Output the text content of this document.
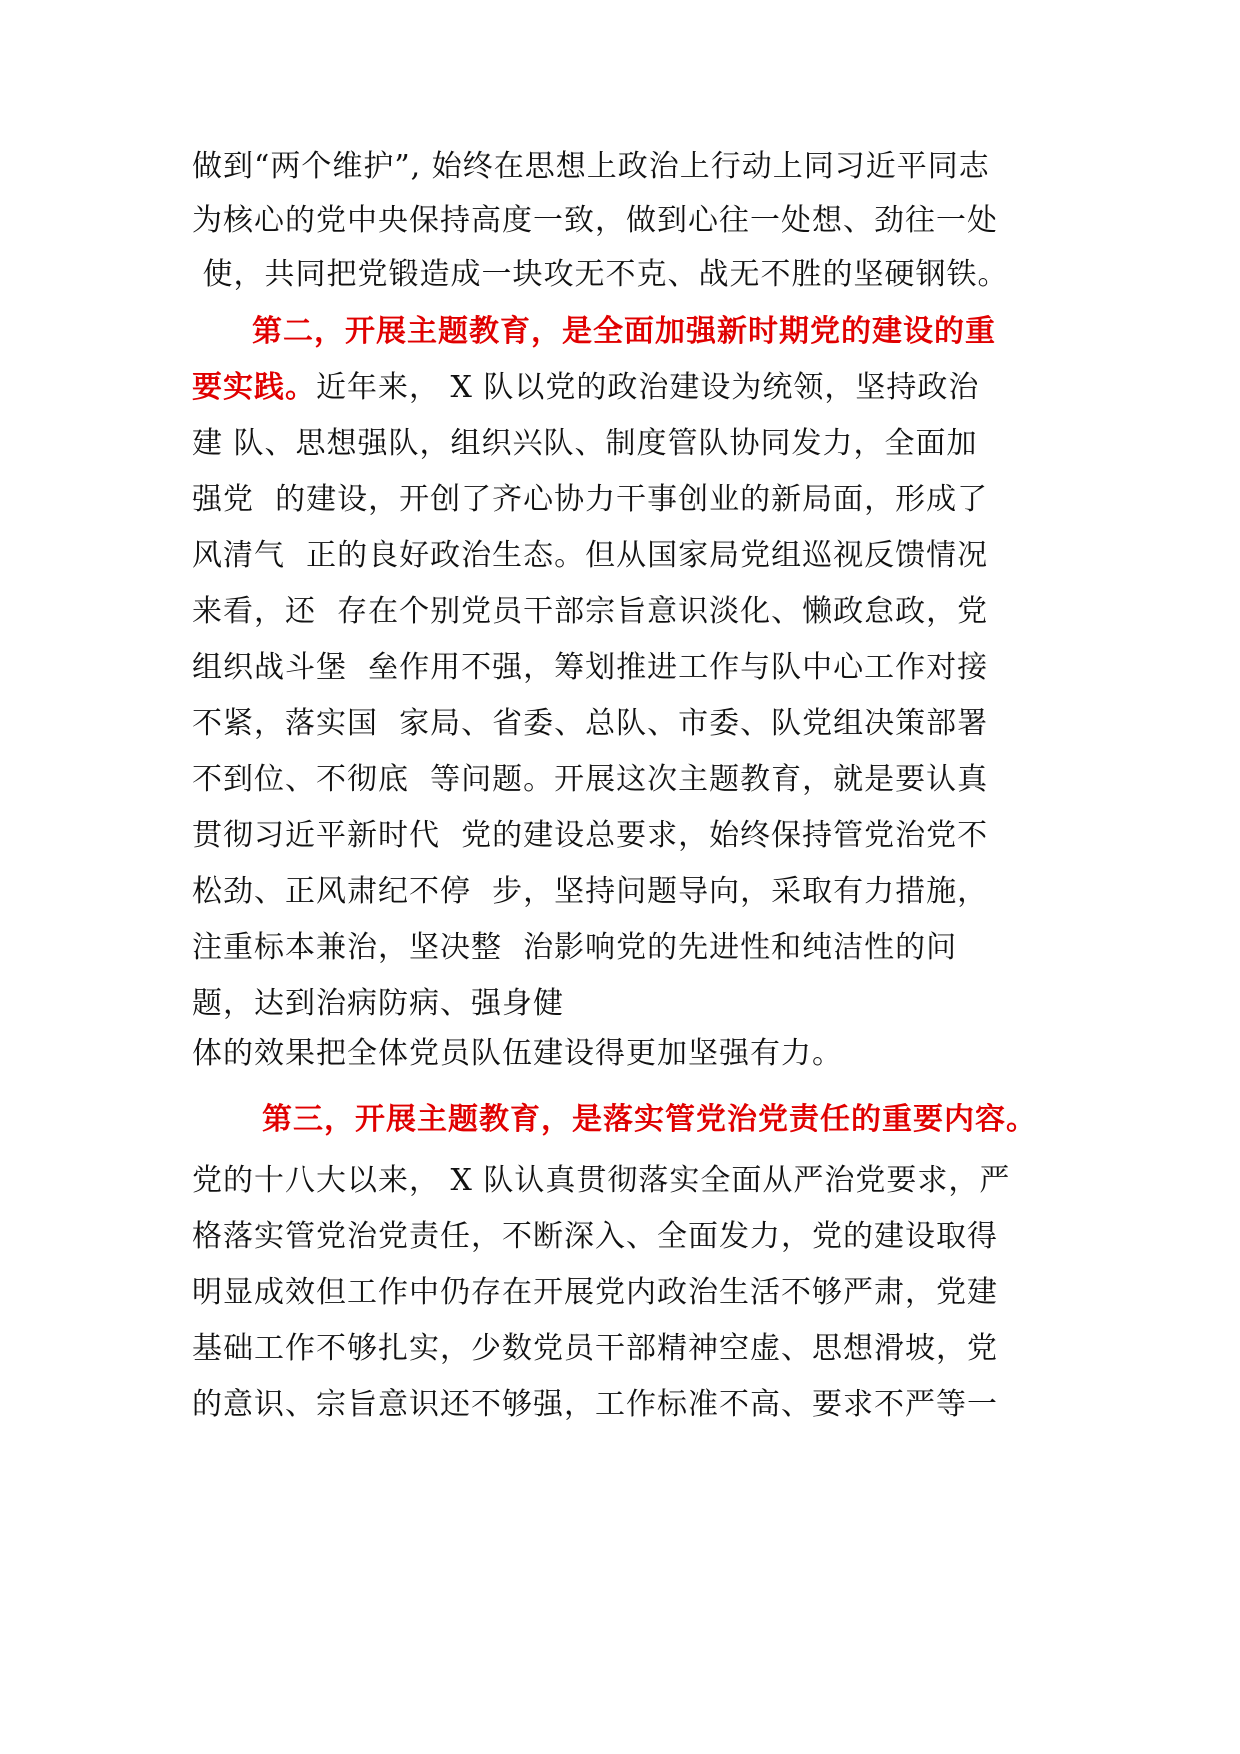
做到“两个维护”, 始终在思想上政治上行动上同习近平同志
为核心的党中央保持高度一致，做到心往一处想、劲往一处
使，共同把党锻造成一块攻无不克、战无不胜的坚硬钢铁。
第二，开展主题教育，是全面加强新时期党的建设的重
要实践。近年来， X 队以党的政治建设为统领，坚持政治
建 队、思想强队，组织兴队、制度管队协同发力，全面加
强党  的建设，开创了齐心协力干事创业的新局面，形成了
风清气  正的良好政治生态。但从国家局党组巡视反馈情况
来看，还  存在个别党员干部宗旨意识淡化、懒政怠政，党
组织战斗堡  垒作用不强，筹划推进工作与队中心工作对接
不紧，落实国  家局、省委、总队、市委、队党组决策部署
不到位、不彻底  等问题。开展这次主题教育，就是要认真
贯彻习近平新时代  党的建设总要求，始终保持管党治党不
松劲、正风肃纪不停  步，坚持问题导向，采取有力措施，
注重标本兼治，坚决整  治影响党的先进性和纯洁性的问
题，达到治病防病、强身健
体的效果把全体党员队伍建设得更加坚强有力。
第三，开展主题教育，是落实管党治党责任的重要内容。
党的十八大以来， X 队认真贯彻落实全面从严治党要求，严
格落实管党治党责任，不断深入、全面发力，党的建设取得
明显成效但工作中仍存在开展党内政治生活不够严肃，党建
基础工作不够扎实，少数党员干部精神空虚、思想滑坡，党
的意识、宗旨意识还不够强，工作标准不高、要求不严等一
